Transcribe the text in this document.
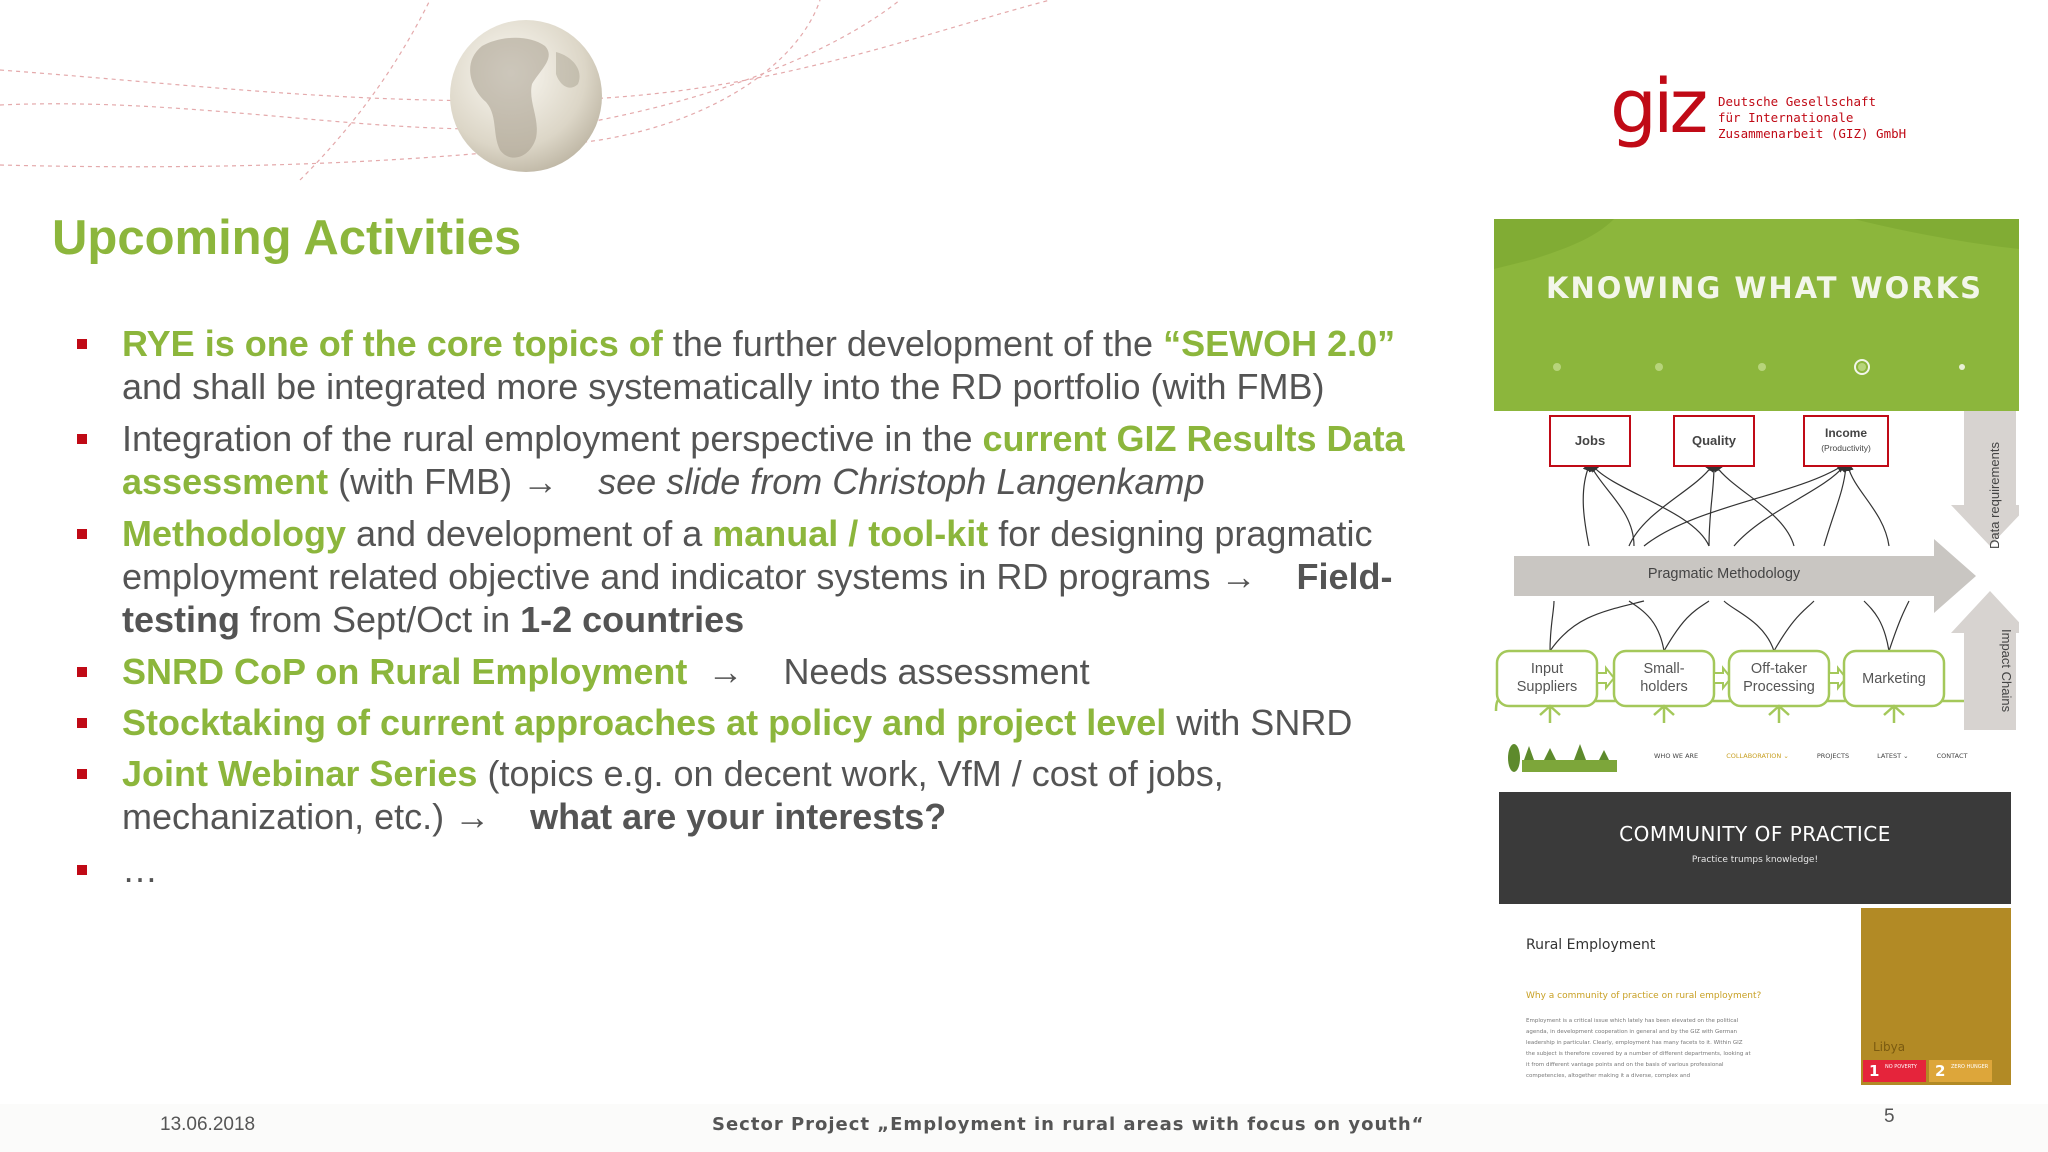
giz Deutsche Gesellschaft
für Internationale
Zusammenarbeit (GIZ) GmbH
Upcoming Activities
RYE is one of the core topics of the further development of the “SEWOH 2.0”
and shall be integrated more systematically into the RD portfolio (with FMB)
Integration of the rural employment perspective in the current GIZ Results Data assessment (with FMB) → see slide from Christoph Langenkamp
Methodology and development of a manual / tool-kit for designing pragmatic employment related objective and indicator systems in RD programs → Field-testing from Sept/Oct in 1-2 countries
SNRD CoP on Rural Employment → Needs assessment
Stocktaking of current approaches at policy and project level with SNRD
Joint Webinar Series (topics e.g. on decent work, VfM / cost of jobs, mechanization, etc.) → what are your interests?
…
KNOWING WHAT WORKS
Pragmatic Methodology
Data requirements
Impact Chains
Jobs	Quality	Income
(Productivity)
Input
Suppliers
Small-
holders
Off-taker
Processing	Marketing
WHO WE ARE	COLLABORATION ⌄	PROJECTS	LATEST ⌄	CONTACT
COMMUNITY OF PRACTICE
Practice trumps knowledge!
Rural Employment
Why a community of practice on rural employment?
Employment is a critical issue which lately has been elevated on the political agenda, in development cooperation in general and by the GIZ with German leadership in particular. Clearly, employment has many facets to it. Within GIZ the subject is therefore covered by a number of different departments, looking at it from different vantage points and on the basis of various professional competencies, altogether making it a diverse, complex and
Libya
1 NO POVERTY 2 ZERO HUNGER
13.06.2018	Sector Project „Employment in rural areas with focus on youth“	5
